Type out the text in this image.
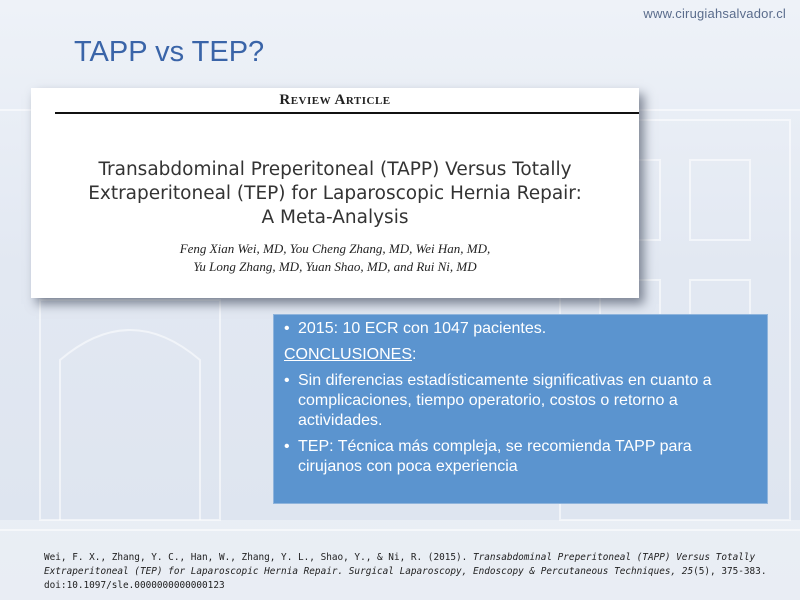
www.cirugiahsalvador.cl
TAPP vs TEP?
Review Article
Transabdominal Preperitoneal (TAPP) Versus Totally
Extraperitoneal (TEP) for Laparoscopic Hernia Repair:
A Meta-Analysis
Feng Xian Wei, MD, You Cheng Zhang, MD, Wei Han, MD,
Yu Long Zhang, MD, Yuan Shao, MD, and Rui Ni, MD
• 2015: 10 ECR con 1047 pacientes.
CONCLUSIONES:
• Sin diferencias estadísticamente significativas en cuanto a complicaciones, tiempo operatorio, costos o retorno a actividades.
• TEP: Técnica más compleja, se recomienda TAPP para cirujanos con poca experiencia
Wei, F. X., Zhang, Y. C., Han, W., Zhang, Y. L., Shao, Y., & Ni, R. (2015). Transabdominal Preperitoneal (TAPP) Versus Totally Extraperitoneal (TEP) for Laparoscopic Hernia Repair. Surgical Laparoscopy, Endoscopy & Percutaneous Techniques, 25(5), 375-383. doi:10.1097/sle.0000000000000123
